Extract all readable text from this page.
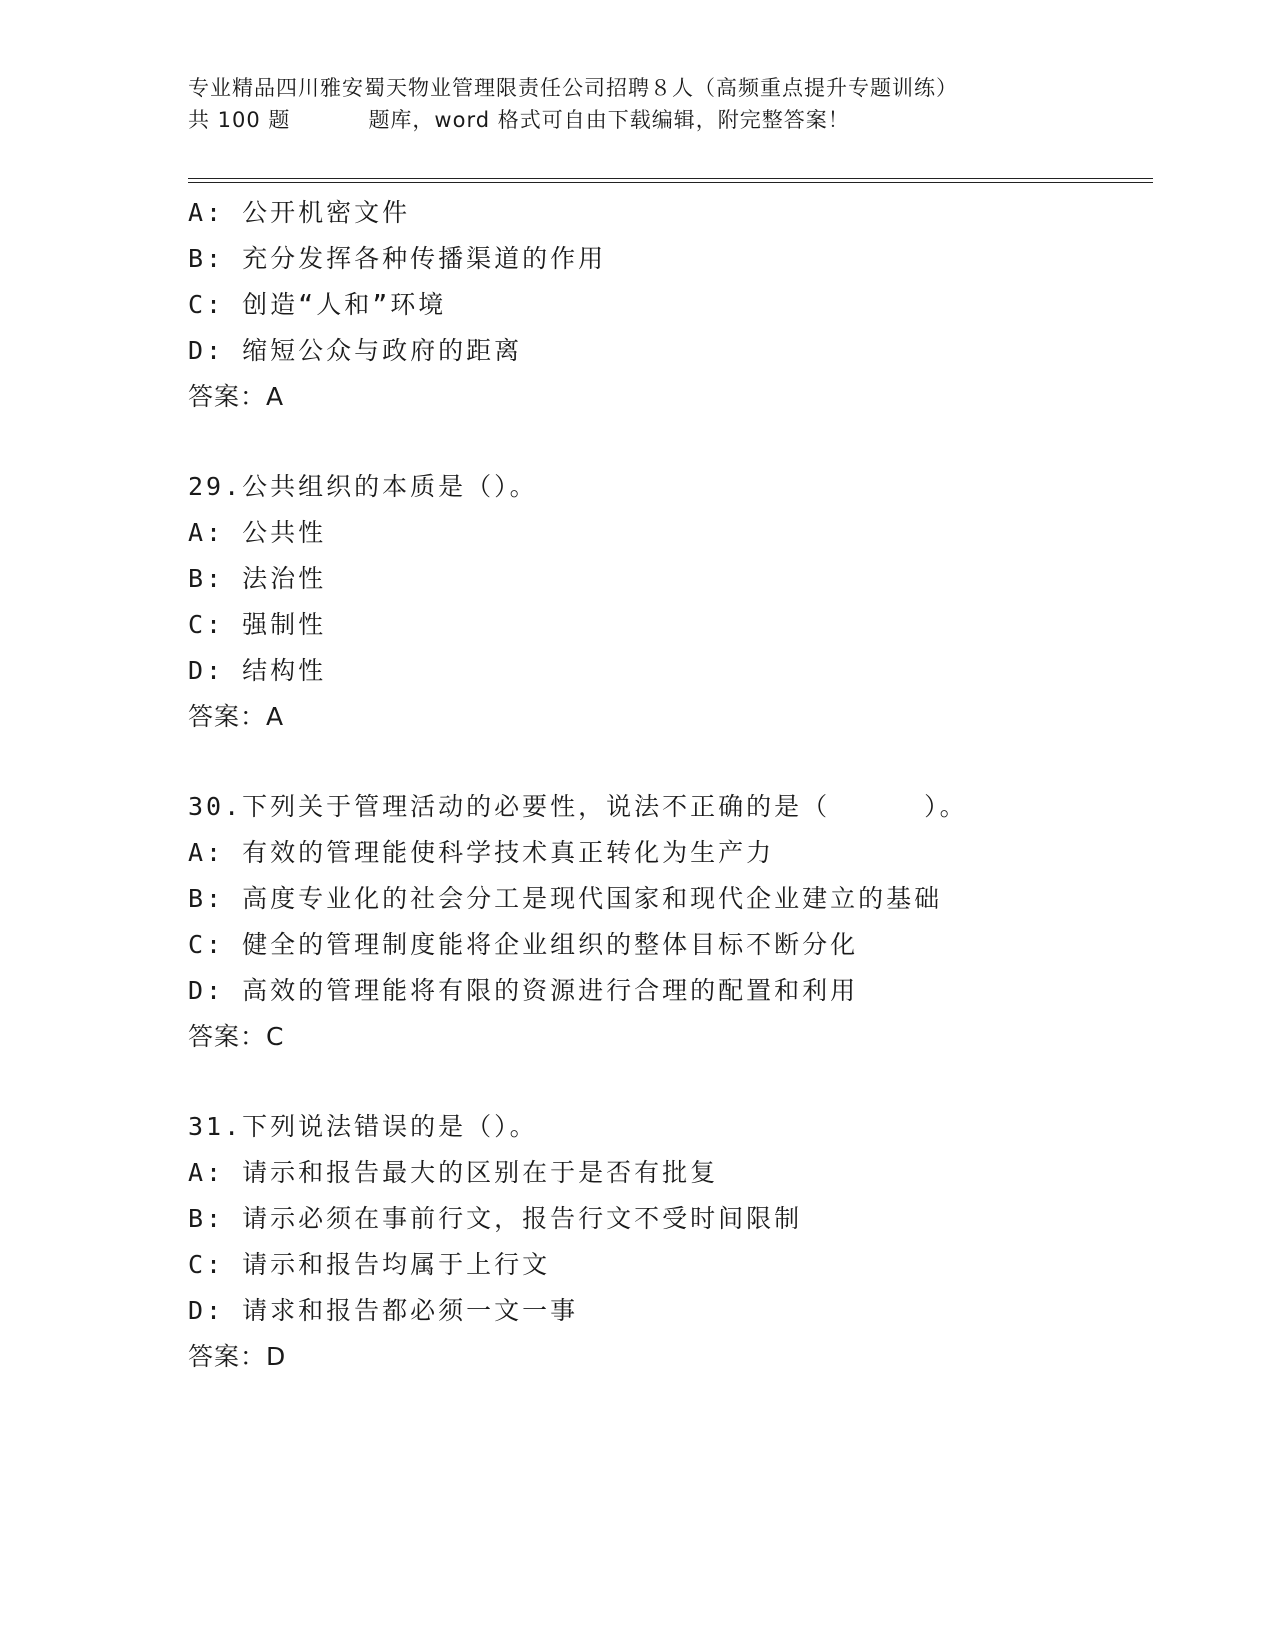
专业精品四川雅安蜀天物业管理限责任公司招聘８人（高频重点提升专题训练）
共 100 题	题库，word 格式可自由下载编辑，附完整答案！
A: 公开机密文件
B: 充分发挥各种传播渠道的作用
C: 创造“人和”环境
D: 缩短公众与政府的距离
答案：A
29.公共组织的本质是（）。
A: 公共性
B: 法治性
C: 强制性
D: 结构性
答案：A
30.下列关于管理活动的必要性，说法不正确的是（	）。
A: 有效的管理能使科学技术真正转化为生产力
B: 高度专业化的社会分工是现代国家和现代企业建立的基础
C: 健全的管理制度能将企业组织的整体目标不断分化
D: 高效的管理能将有限的资源进行合理的配置和利用
答案：C
31.下列说法错误的是（）。
A: 请示和报告最大的区别在于是否有批复
B: 请示必须在事前行文，报告行文不受时间限制
C: 请示和报告均属于上行文
D: 请求和报告都必须一文一事
答案：D
